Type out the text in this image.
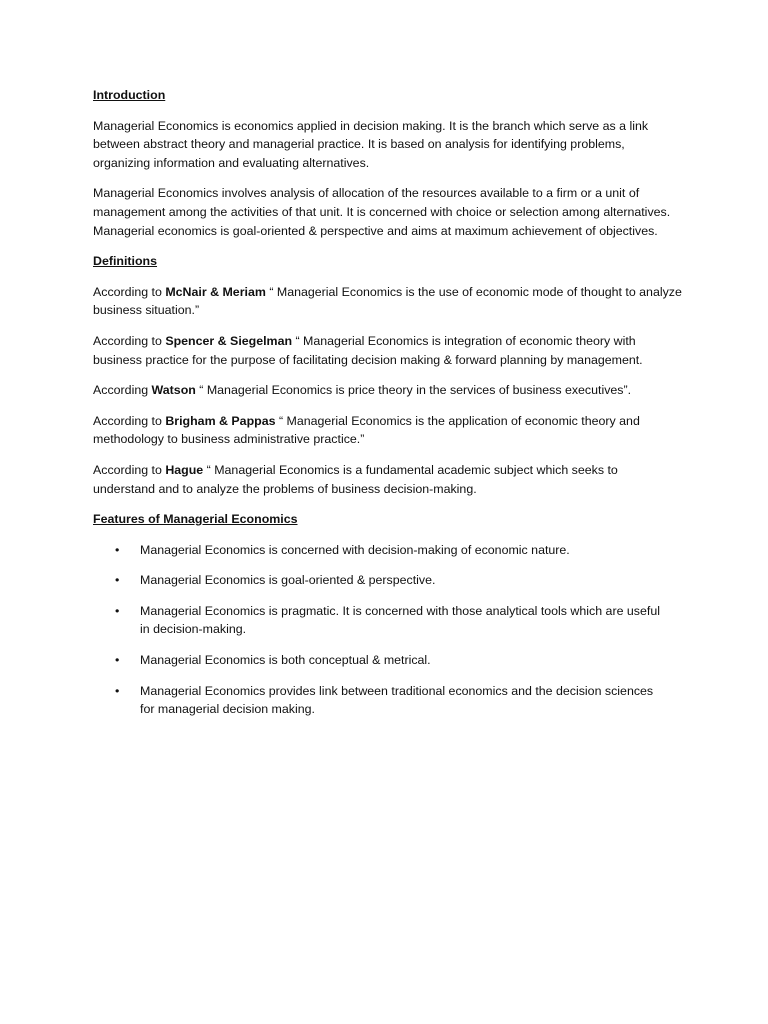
Introduction

Managerial Economics is economics applied in decision making. It is the branch which serve as a link between abstract theory and managerial practice. It is based on analysis for identifying problems, organizing information and evaluating alternatives.

Managerial Economics involves analysis of allocation of the resources available to a firm or a unit of management among the activities of that unit. It is concerned with choice or selection among alternatives. Managerial economics is goal-oriented & perspective and aims at maximum achievement of objectives.

Definitions

According to McNair & Meriam “ Managerial Economics is the use of economic mode of thought to analyze business situation.”

According to Spencer & Siegelman “ Managerial Economics is integration of economic theory with business practice for the purpose of facilitating decision making & forward planning by management.

According Watson “ Managerial Economics is price theory in the services of business executives”.

According to Brigham & Pappas “ Managerial Economics is the application of economic theory and methodology to business administrative practice.”

According to Hague “ Managerial Economics is a fundamental academic subject which seeks to understand and to analyze the problems of business decision-making.

Features of Managerial Economics
• Managerial Economics is concerned with decision-making of economic nature.
• Managerial Economics is goal-oriented & perspective.
• Managerial Economics is pragmatic. It is concerned with those analytical tools which are useful in decision-making.
• Managerial Economics is both conceptual & metrical.
• Managerial Economics provides link between traditional economics and the decision sciences for managerial decision making.
